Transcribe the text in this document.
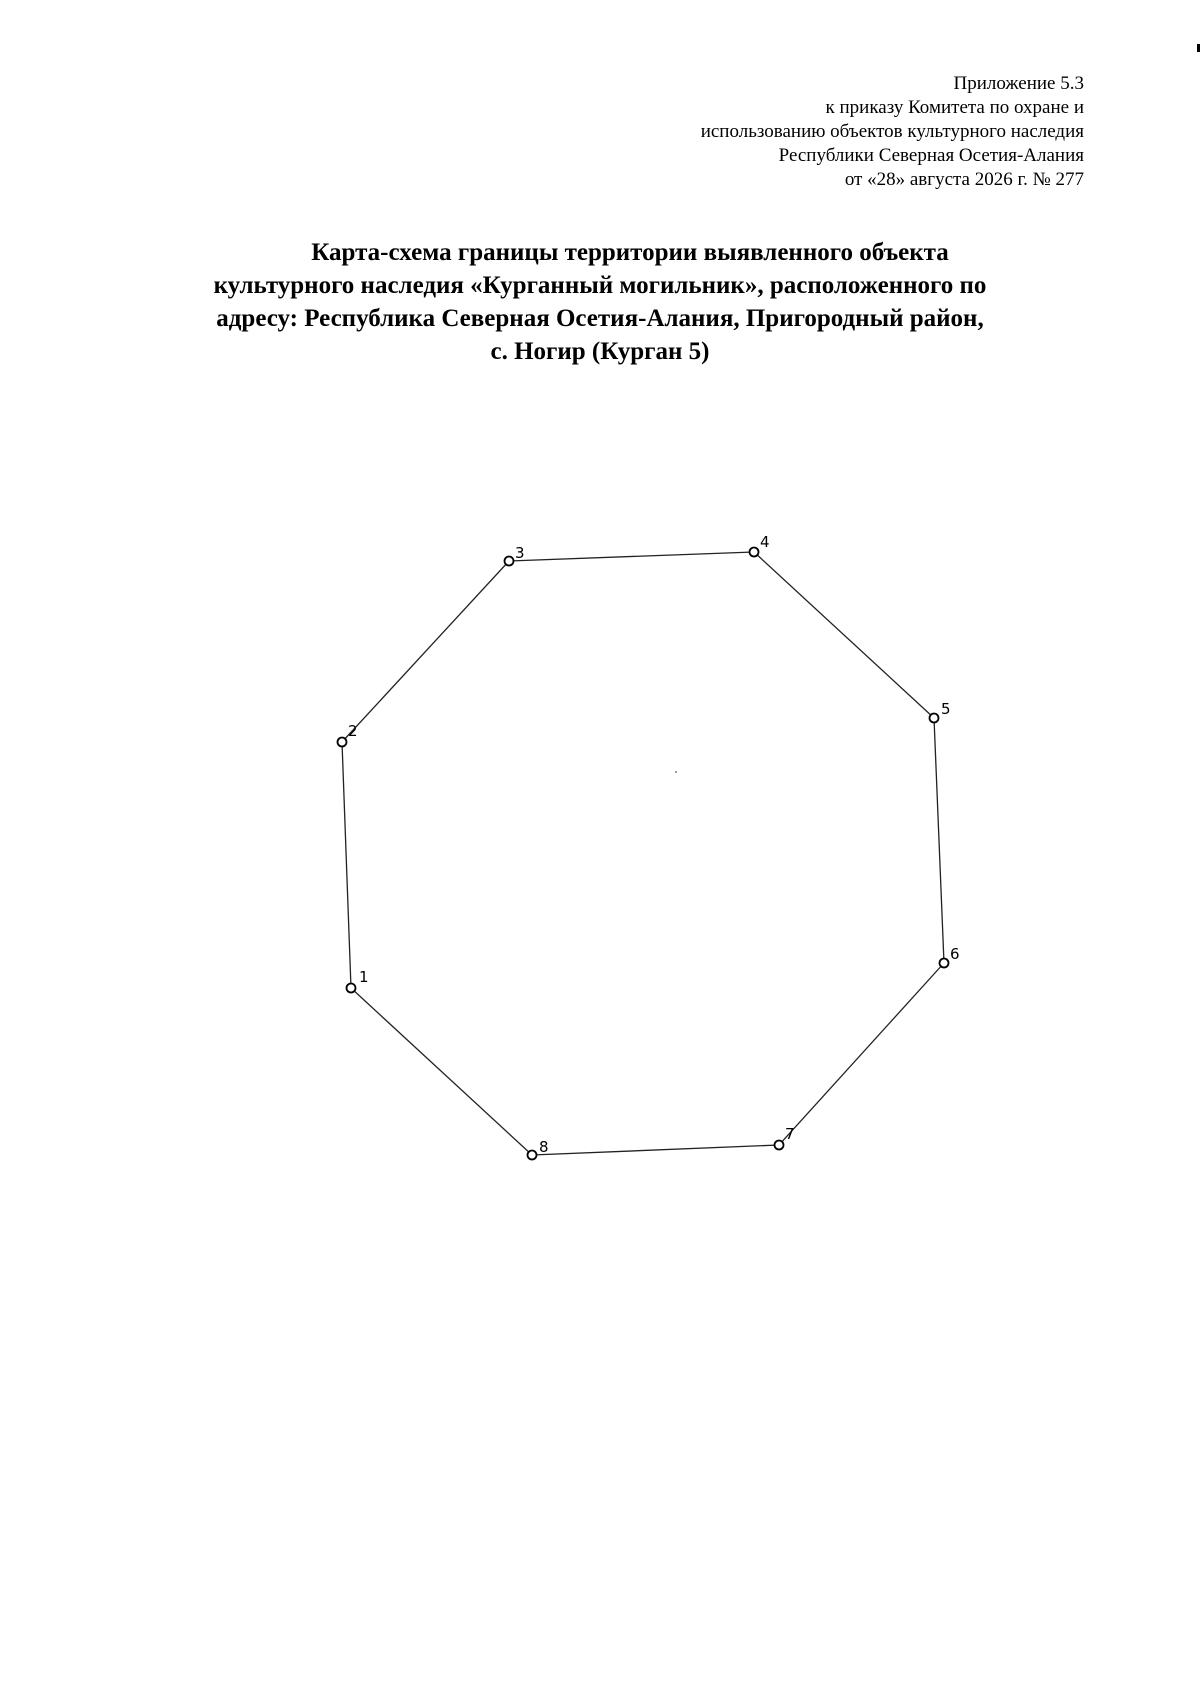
Приложение 5.3
к приказу Комитета по охране и
использованию объектов культурного наследия
Республики Северная Осетия-Алания
от «28» августа 2026 г. № 277
Карта-схема границы территории выявленного объекта
культурного наследия «Курганный могильник», расположенного по
адресу: Республика Северная Осетия-Алания, Пригородный район,
с. Ногир (Курган 5)
1
2
3
4
5
6
7
8
